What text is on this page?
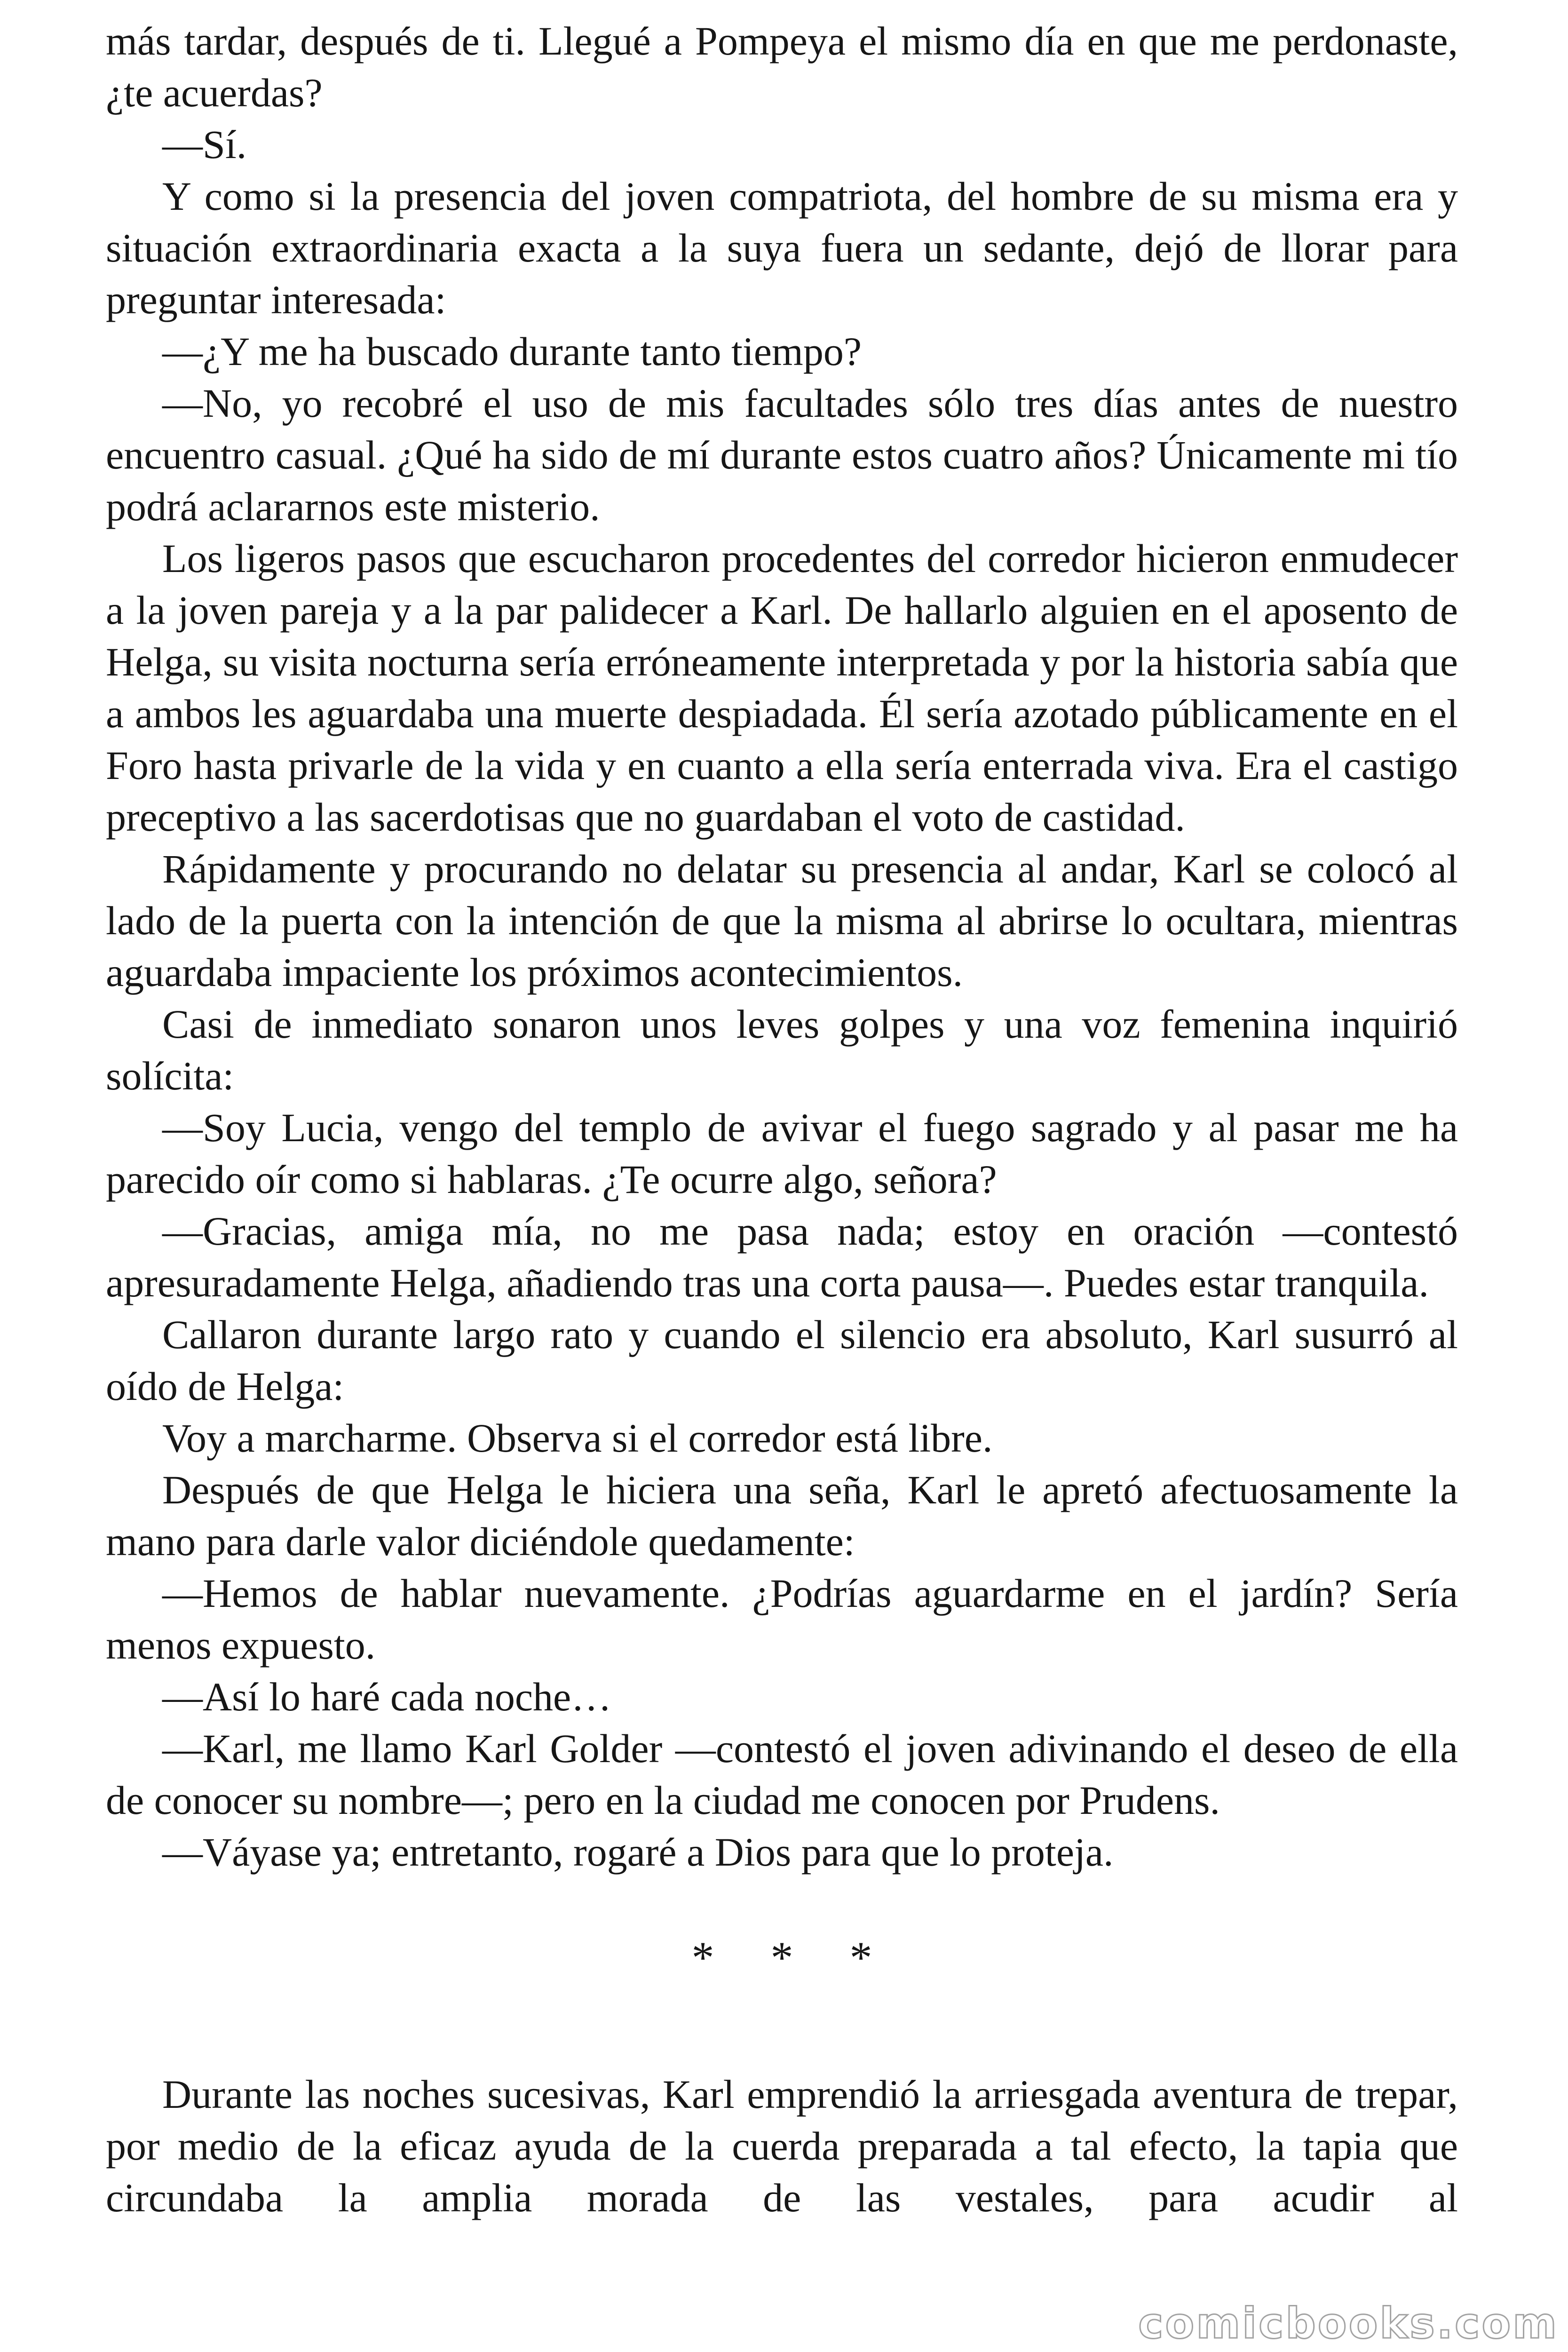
más tardar, después de ti. Llegué a Pompeya el mismo día en que me perdonaste, ¿te acuerdas?

—Sí.

Y como si la presencia del joven compatriota, del hombre de su misma era y situación extraordinaria exacta a la suya fuera un sedante, dejó de llorar para preguntar interesada:

—¿Y me ha buscado durante tanto tiempo?

—No, yo recobré el uso de mis facultades sólo tres días antes de nuestro encuentro casual. ¿Qué ha sido de mí durante estos cuatro años? Únicamente mi tío podrá aclararnos este misterio.

Los ligeros pasos que escucharon procedentes del corredor hicieron enmudecer a la joven pareja y a la par palidecer a Karl. De hallarlo alguien en el aposento de Helga, su visita nocturna sería erróneamente interpretada y por la historia sabía que a ambos les aguardaba una muerte despiadada. Él sería azotado públicamente en el Foro hasta privarle de la vida y en cuanto a ella sería enterrada viva. Era el castigo preceptivo a las sacerdotisas que no guardaban el voto de castidad.

Rápidamente y procurando no delatar su presencia al andar, Karl se colocó al lado de la puerta con la intención de que la misma al abrirse lo ocultara, mientras aguardaba impaciente los próximos acontecimientos.

Casi de inmediato sonaron unos leves golpes y una voz femenina inquirió solícita:

—Soy Lucia, vengo del templo de avivar el fuego sagrado y al pasar me ha parecido oír como si hablaras. ¿Te ocurre algo, señora?

—Gracias, amiga mía, no me pasa nada; estoy en oración —contestó apresuradamente Helga, añadiendo tras una corta pausa—. Puedes estar tranquila.

Callaron durante largo rato y cuando el silencio era absoluto, Karl susurró al oído de Helga:

Voy a marcharme. Observa si el corredor está libre.

Después de que Helga le hiciera una seña, Karl le apretó afectuosamente la mano para darle valor diciéndole quedamente:

—Hemos de hablar nuevamente. ¿Podrías aguardarme en el jardín? Sería menos expuesto.

—Así lo haré cada noche…

—Karl, me llamo Karl Golder —contestó el joven adivinando el deseo de ella de conocer su nombre—; pero en la ciudad me conocen por Prudens.

—Váyase ya; entretanto, rogaré a Dios para que lo proteja.

* * *

Durante las noches sucesivas, Karl emprendió la arriesgada aventura de trepar, por medio de la eficaz ayuda de la cuerda preparada a tal efecto, la tapia que circundaba la amplia morada de las vestales, para acudir al

comicbooks.com
